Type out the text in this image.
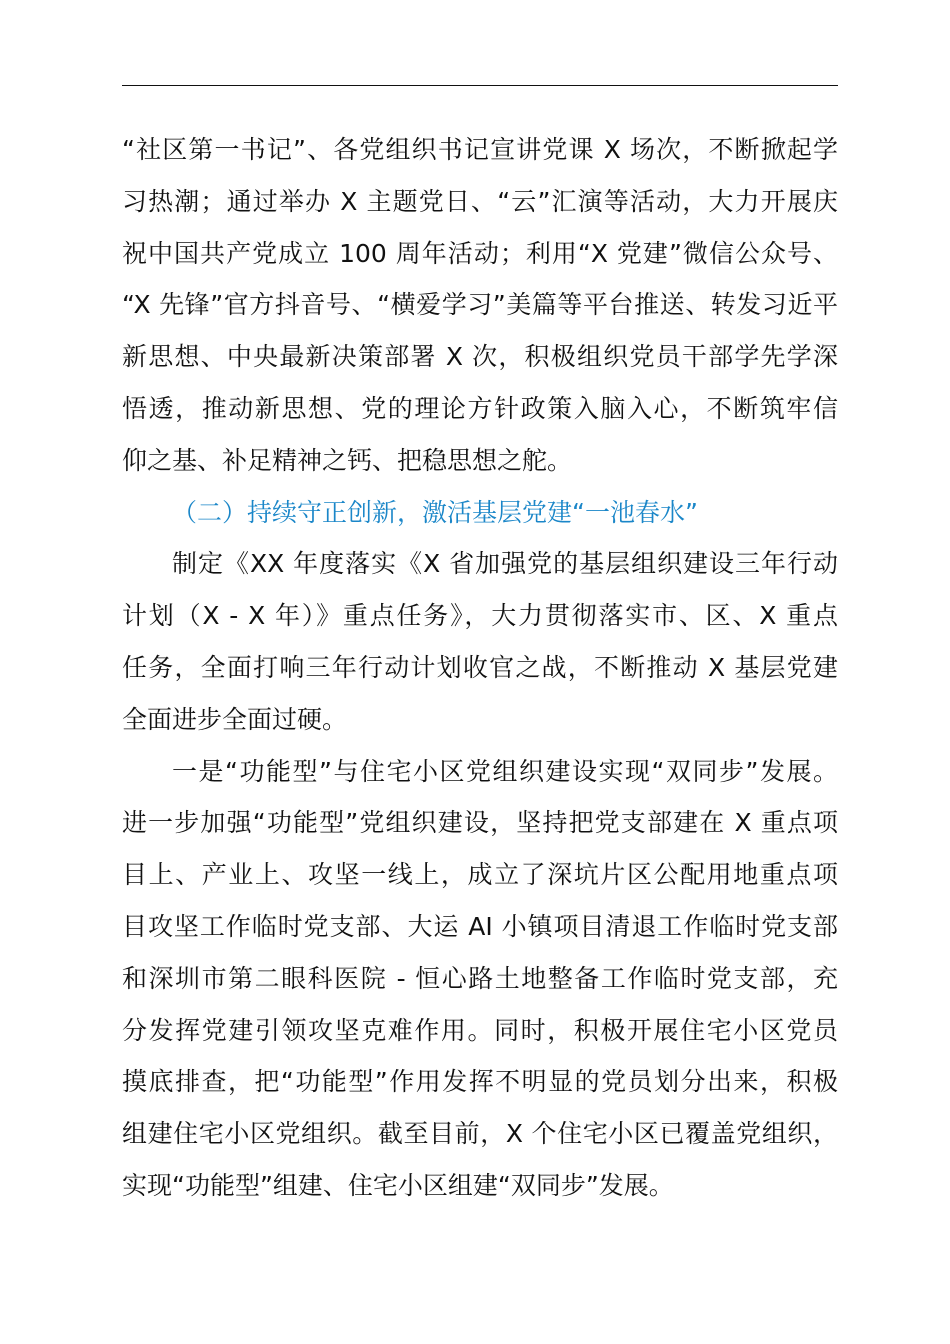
“社区第一书记”、各党组织书记宣讲党课 X 场次，不断掀起学
习热潮；通过举办 X 主题党日、“云”汇演等活动，大力开展庆
祝中国共产党成立 100 周年活动；利用“X 党建”微信公众号、
“X 先锋”官方抖音号、“横爱学习”美篇等平台推送、转发习近平
新思想、中央最新决策部署 X 次，积极组织党员干部学先学深
悟透，推动新思想、党的理论方针政策入脑入心，不断筑牢信
仰之基、补足精神之钙、把稳思想之舵。
（二）持续守正创新，激活基层党建“一池春水”
制定《XX 年度落实《X 省加强党的基层组织建设三年行动
计划（X - X 年）》重点任务》，大力贯彻落实市、区、X 重点
任务，全面打响三年行动计划收官之战，不断推动 X 基层党建
全面进步全面过硬。
一是“功能型”与住宅小区党组织建设实现“双同步”发展。
进一步加强“功能型”党组织建设，坚持把党支部建在 X 重点项
目上、产业上、攻坚一线上，成立了深坑片区公配用地重点项
目攻坚工作临时党支部、大运 AI 小镇项目清退工作临时党支部
和深圳市第二眼科医院 - 恒心路土地整备工作临时党支部，充
分发挥党建引领攻坚克难作用。同时，积极开展住宅小区党员
摸底排查，把“功能型”作用发挥不明显的党员划分出来，积极
组建住宅小区党组织。截至目前，X 个住宅小区已覆盖党组织，
实现“功能型”组建、住宅小区组建“双同步”发展。
